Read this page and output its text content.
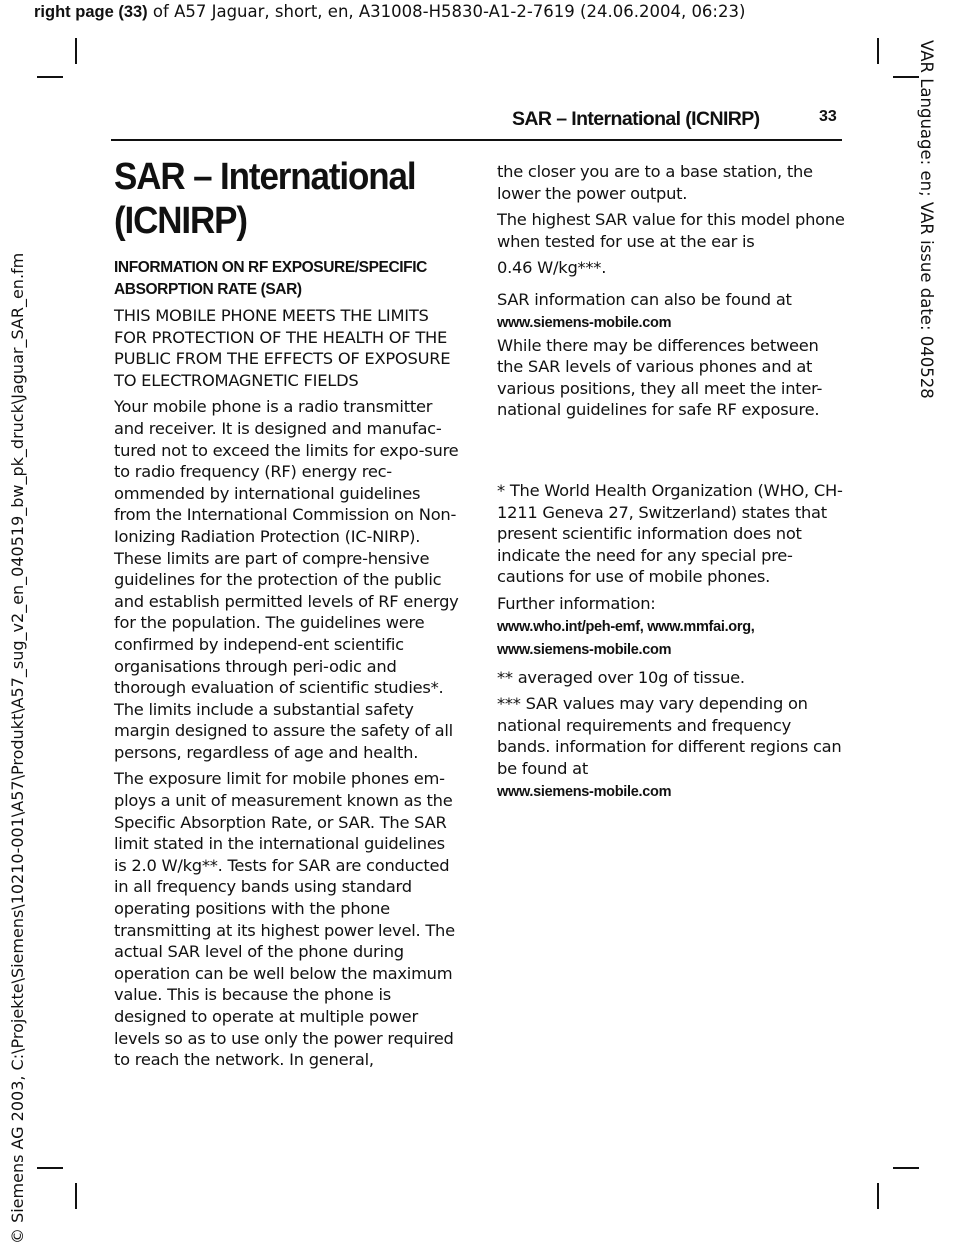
right page (33) of A57 Jaguar, short, en, A31008-H5830-A1-2-7619 (24.06.2004, 06:23)
VAR Language: en; VAR issue date: 040528
© Siemens AG 2003, C:\Projekte\Siemens\10210-001\A57\Produkt\A57_sug_v2_en_040519_bw_pk_druck\Jaguar_SAR_en.fm
SAR – International (ICNIRP)	33
SAR – International
(ICNIRP)
INFORMATION ON RF EXPOSURE/SPECIFIC ABSORPTION RATE (SAR)

THIS MOBILE PHONE MEETS THE LIMITS FOR PROTECTION OF THE HEALTH OF THE PUBLIC FROM THE EFFECTS OF EXPOSURE TO ELECTROMAGNETIC FIELDS

Your mobile phone is a radio transmitter and receiver. It is designed and manufac-tured not to exceed the limits for expo-sure to radio frequency (RF) energy rec-ommended by international guidelines from the International Commission on Non-Ionizing Radiation Protection (IC-NIRP). These limits are part of compre-hensive guidelines for the protection of the public and establish permitted levels of RF energy for the population. The guidelines were confirmed by independ-ent scientific organisations through peri-odic and thorough evaluation of scientific studies*. The limits include a substantial safety margin designed to assure the safety of all persons, regardless of age and health.

The exposure limit for mobile phones em-ploys a unit of measurement known as the Specific Absorption Rate, or SAR. The SAR limit stated in the international guidelines is 2.0 W/kg**. Tests for SAR are conducted in all frequency bands using standard operating positions with the phone transmitting at its highest power level. The actual SAR level of the phone during operation can be well below the maximum value. This is because the phone is designed to operate at multiple power levels so as to use only the power required to reach the network. In general,

the closer you are to a base station, the lower the power output.

The highest SAR value for this model phone when tested for use at the ear is
0.46 W/kg***.

SAR information can also be found at
www.siemens-mobile.com
While there may be differences between the SAR levels of various phones and at various positions, they all meet the inter-national guidelines for safe RF exposure.

* The World Health Organization (WHO, CH-1211 Geneva 27, Switzerland) states that present scientific information does not indicate the need for any special pre-cautions for use of mobile phones.

Further information:
www.who.int/peh-emf, www.mmfai.org,
www.siemens-mobile.com

** averaged over 10g of tissue.

*** SAR values may vary depending on national requirements and frequency bands. information for different regions can be found at
www.siemens-mobile.com
